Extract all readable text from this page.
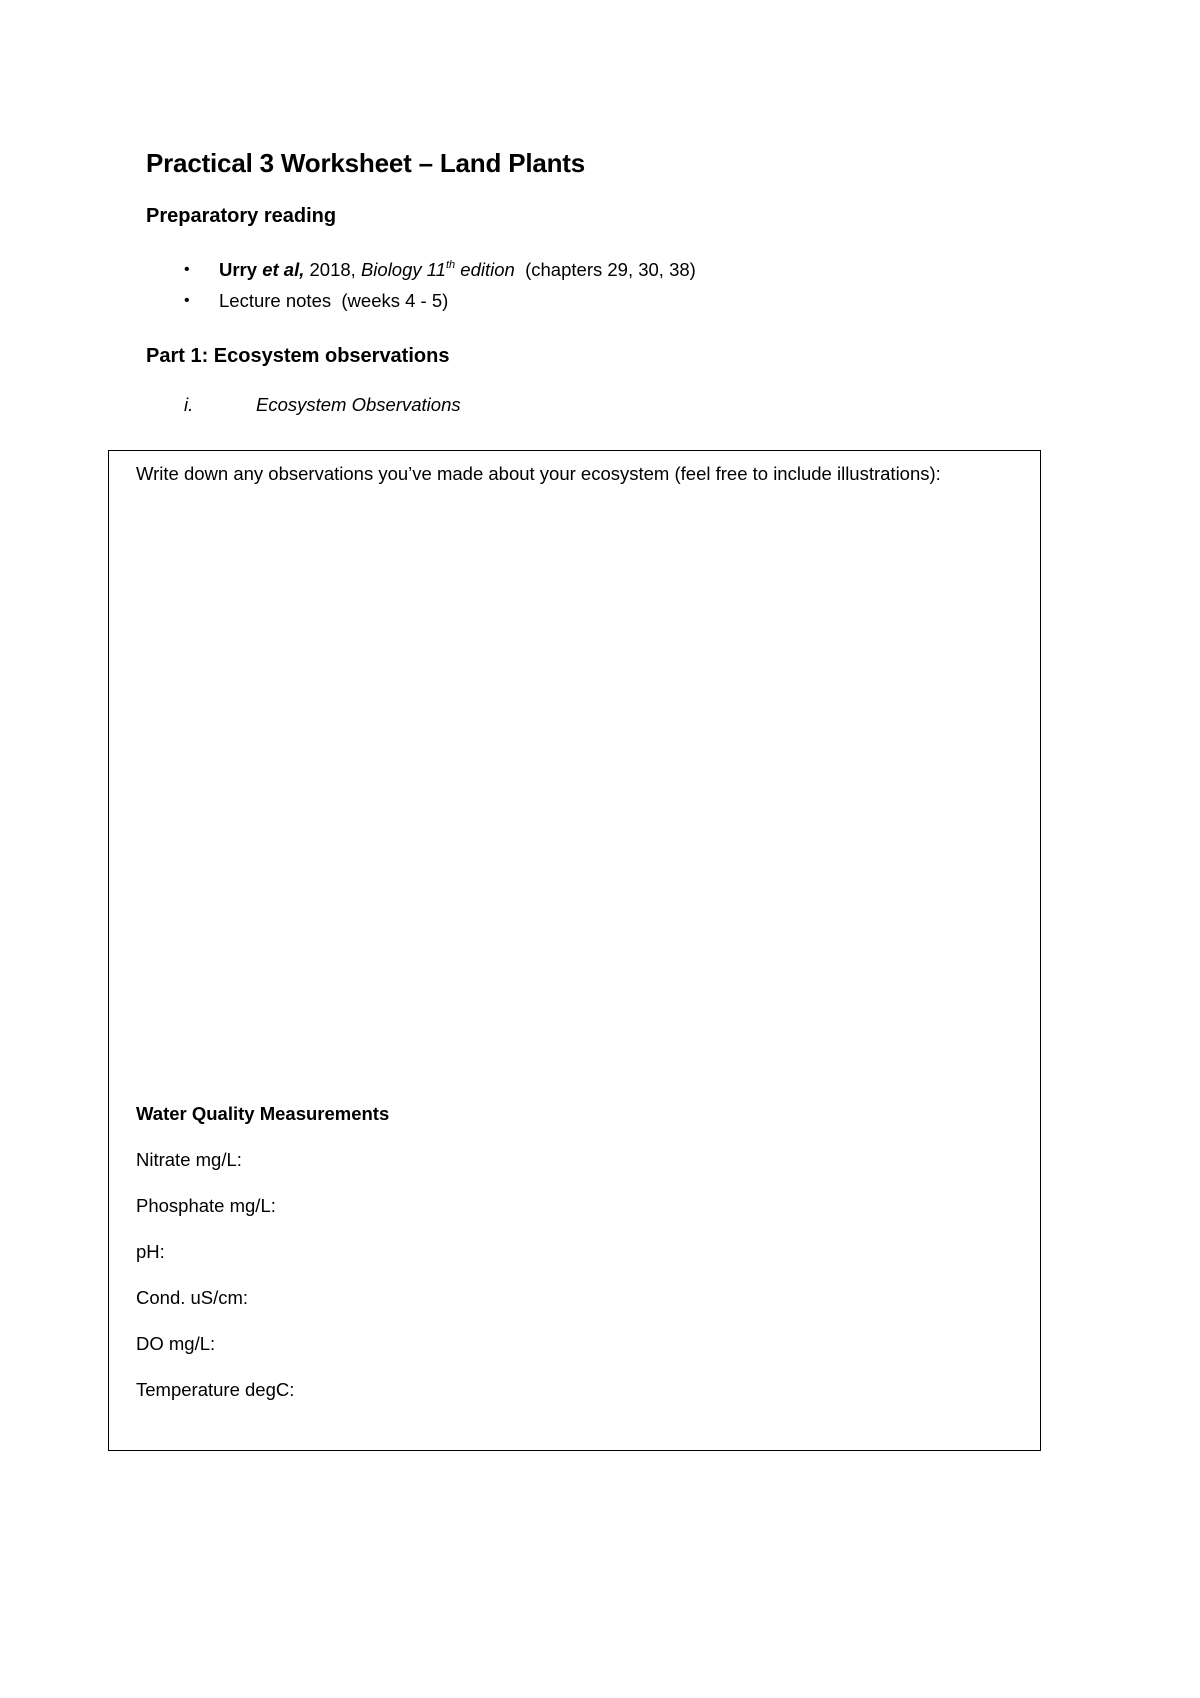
Practical 3 Worksheet – Land Plants
Preparatory reading
• Urry et al, 2018, Biology 11th edition  (chapters 29, 30, 38)
• Lecture notes  (weeks 4 - 5)
Part 1: Ecosystem observations
i.	Ecosystem Observations

Write down any observations you’ve made about your ecosystem (feel free to include illustrations):

Water Quality Measurements

Nitrate mg/L:
Phosphate mg/L:
pH:
Cond. uS/cm:
DO mg/L:
Temperature degC:
